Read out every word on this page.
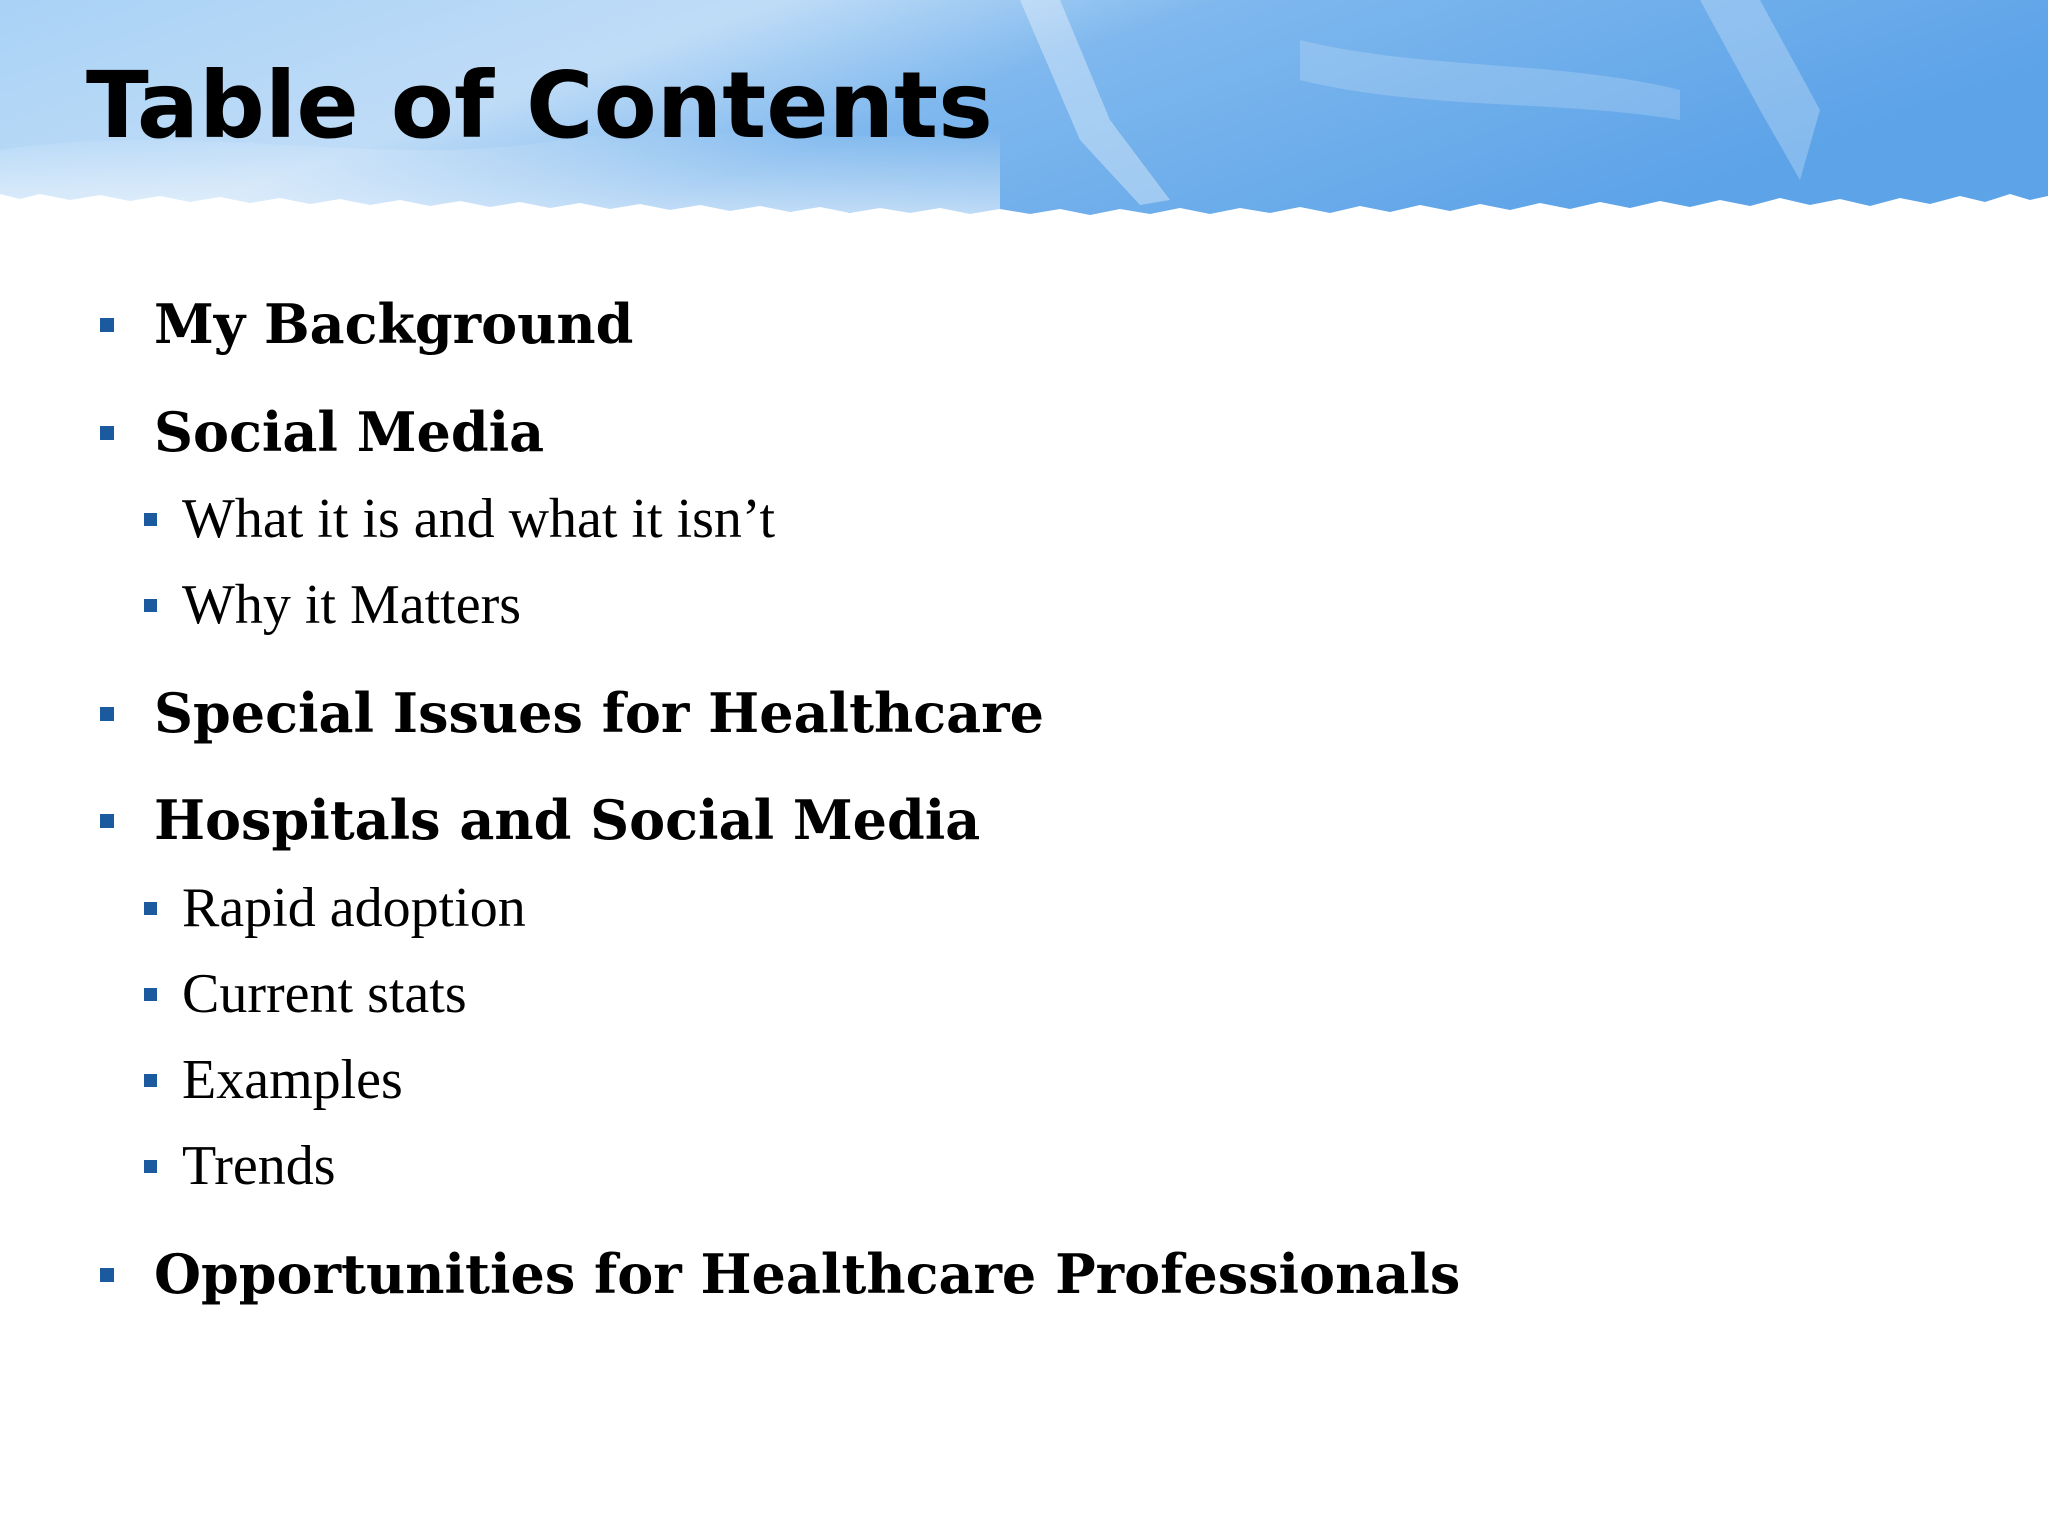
Table of Contents
My Background
Social Media
What it is and what it isn’t
Why it Matters
Special Issues for Healthcare
Hospitals and Social Media
Rapid adoption
Current stats
Examples
Trends
Opportunities for Healthcare Professionals
